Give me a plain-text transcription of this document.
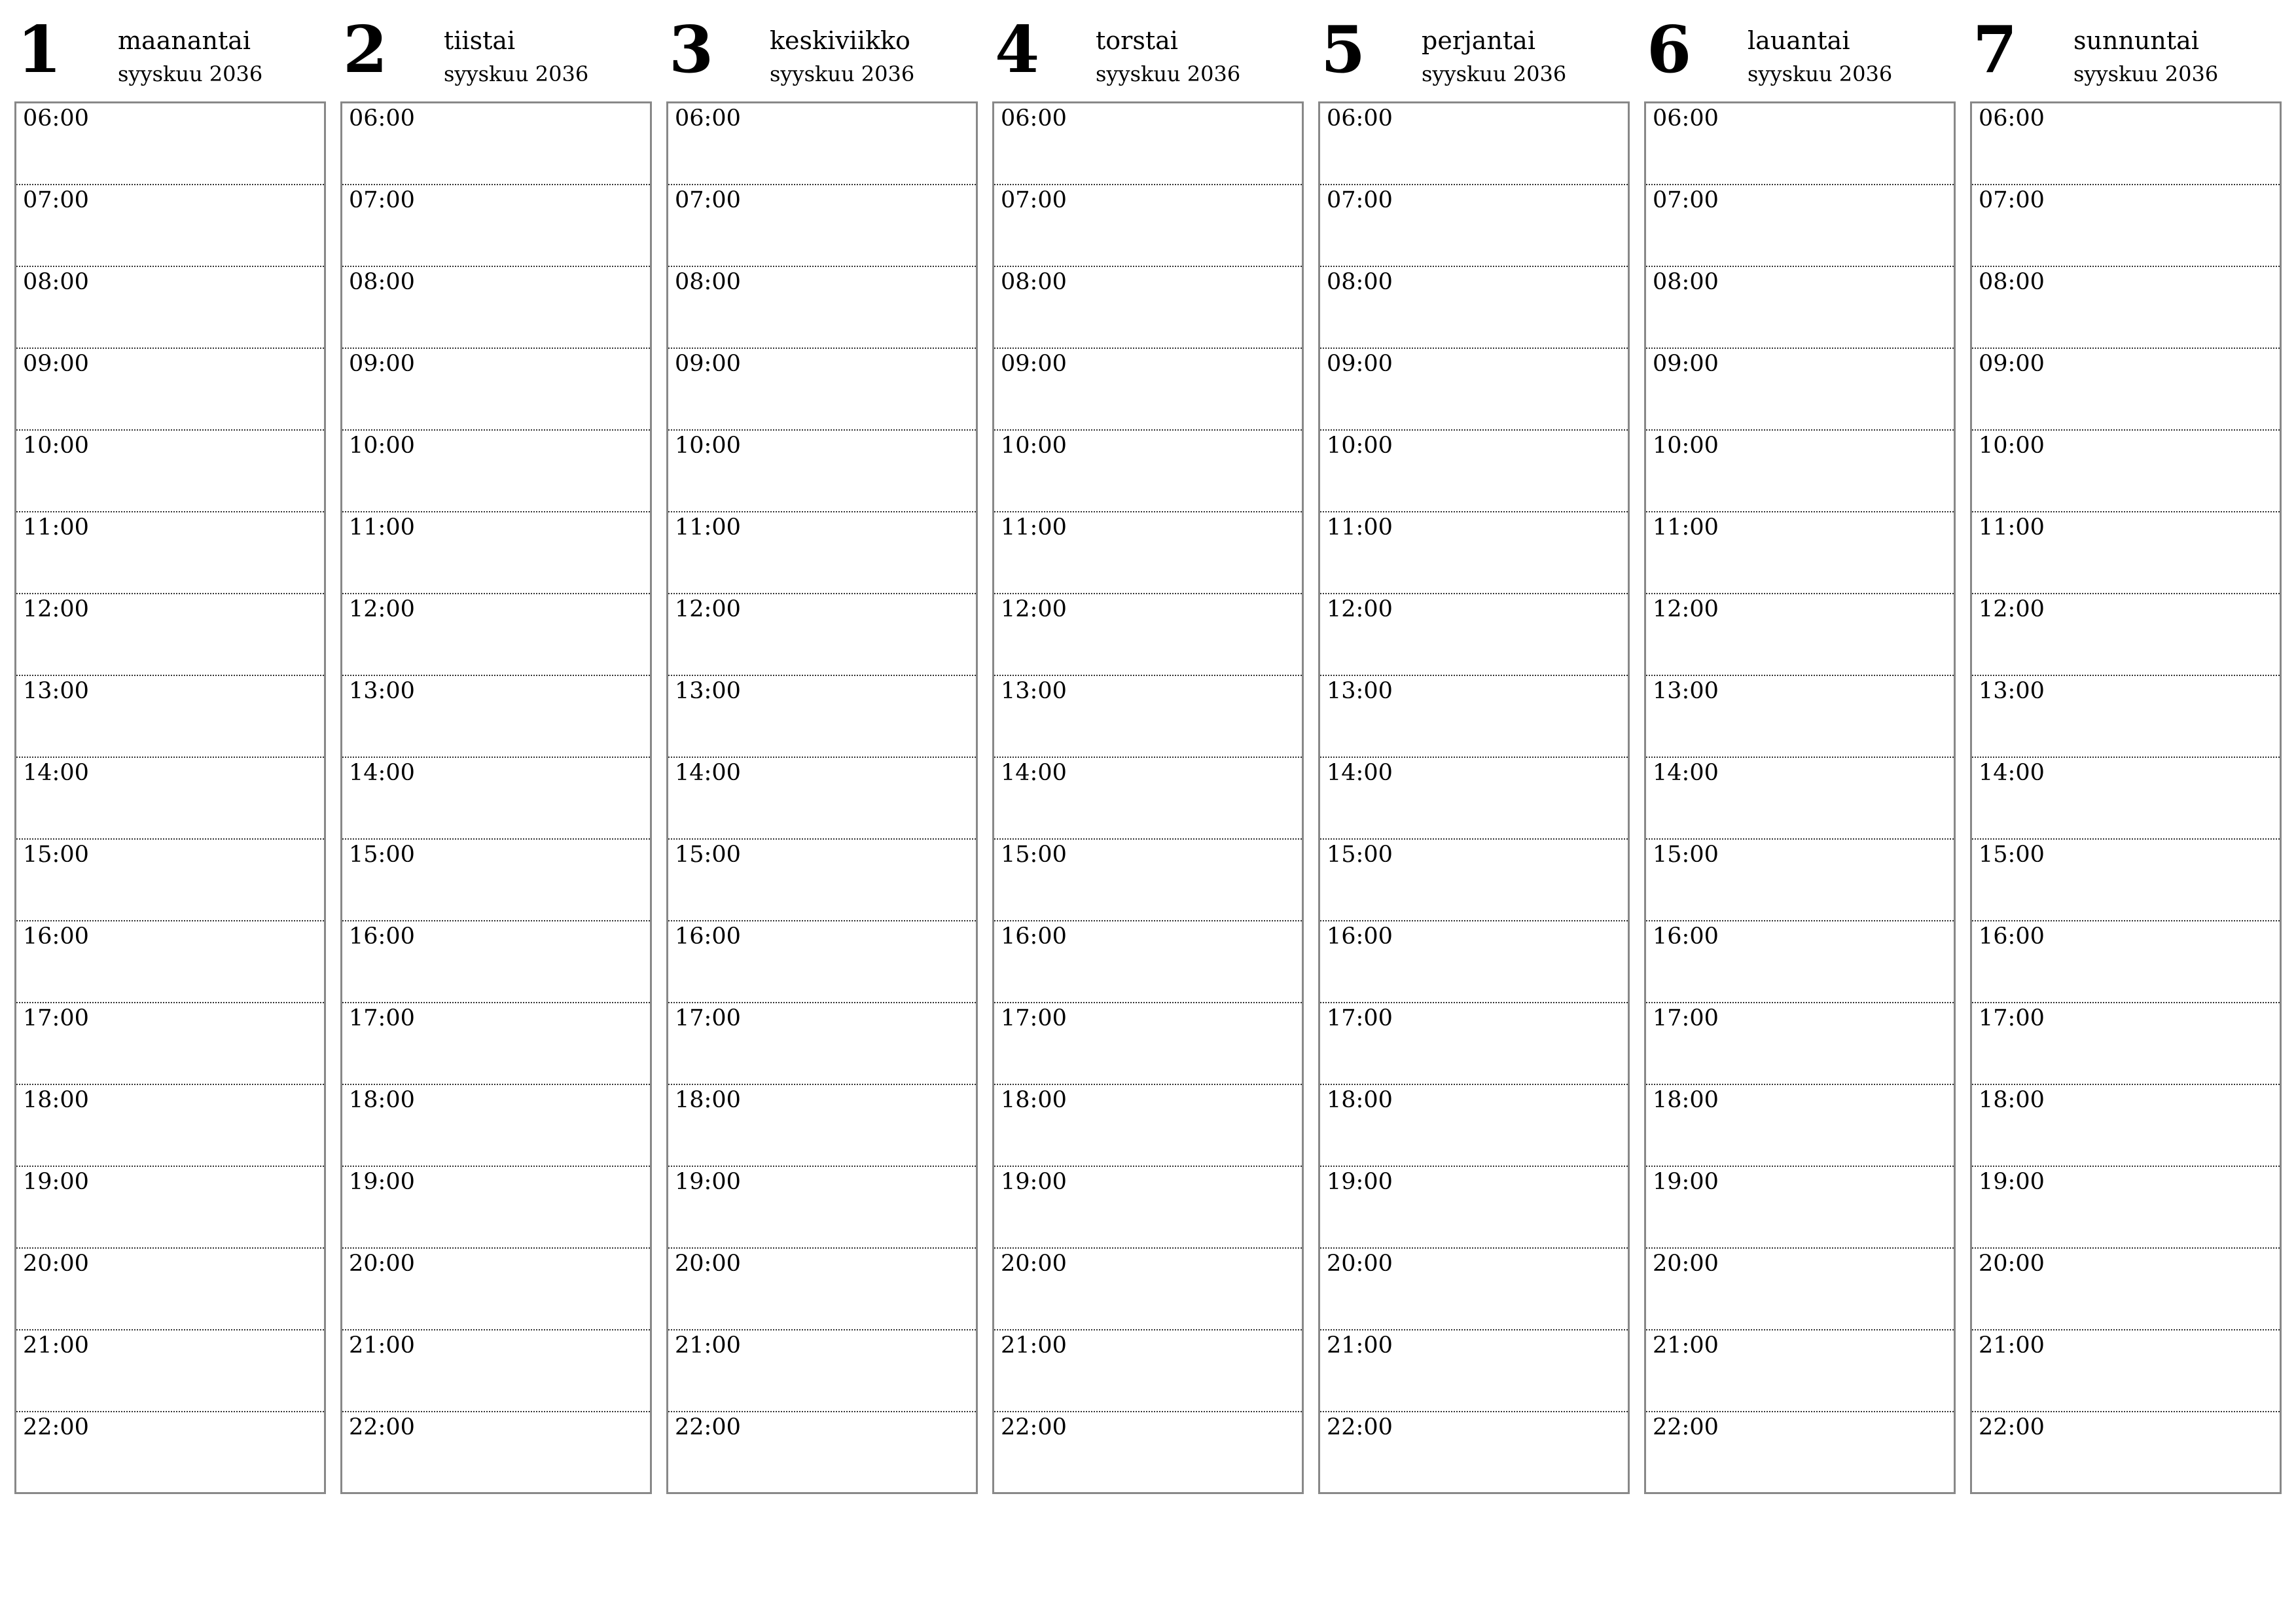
1 maanantai
syyskuu 2036
06:00
07:00
08:00
09:00
10:00
11:00
12:00
13:00
14:00
15:00
16:00
17:00
18:00
19:00
20:00
21:00
22:00
2 tiistai
syyskuu 2036
06:00
07:00
08:00
09:00
10:00
11:00
12:00
13:00
14:00
15:00
16:00
17:00
18:00
19:00
20:00
21:00
22:00
3 keskiviikko
syyskuu 2036
06:00
07:00
08:00
09:00
10:00
11:00
12:00
13:00
14:00
15:00
16:00
17:00
18:00
19:00
20:00
21:00
22:00
4 torstai
syyskuu 2036
06:00
07:00
08:00
09:00
10:00
11:00
12:00
13:00
14:00
15:00
16:00
17:00
18:00
19:00
20:00
21:00
22:00
5 perjantai
syyskuu 2036
06:00
07:00
08:00
09:00
10:00
11:00
12:00
13:00
14:00
15:00
16:00
17:00
18:00
19:00
20:00
21:00
22:00
6 lauantai
syyskuu 2036
06:00
07:00
08:00
09:00
10:00
11:00
12:00
13:00
14:00
15:00
16:00
17:00
18:00
19:00
20:00
21:00
22:00
7 sunnuntai
syyskuu 2036
06:00
07:00
08:00
09:00
10:00
11:00
12:00
13:00
14:00
15:00
16:00
17:00
18:00
19:00
20:00
21:00
22:00
